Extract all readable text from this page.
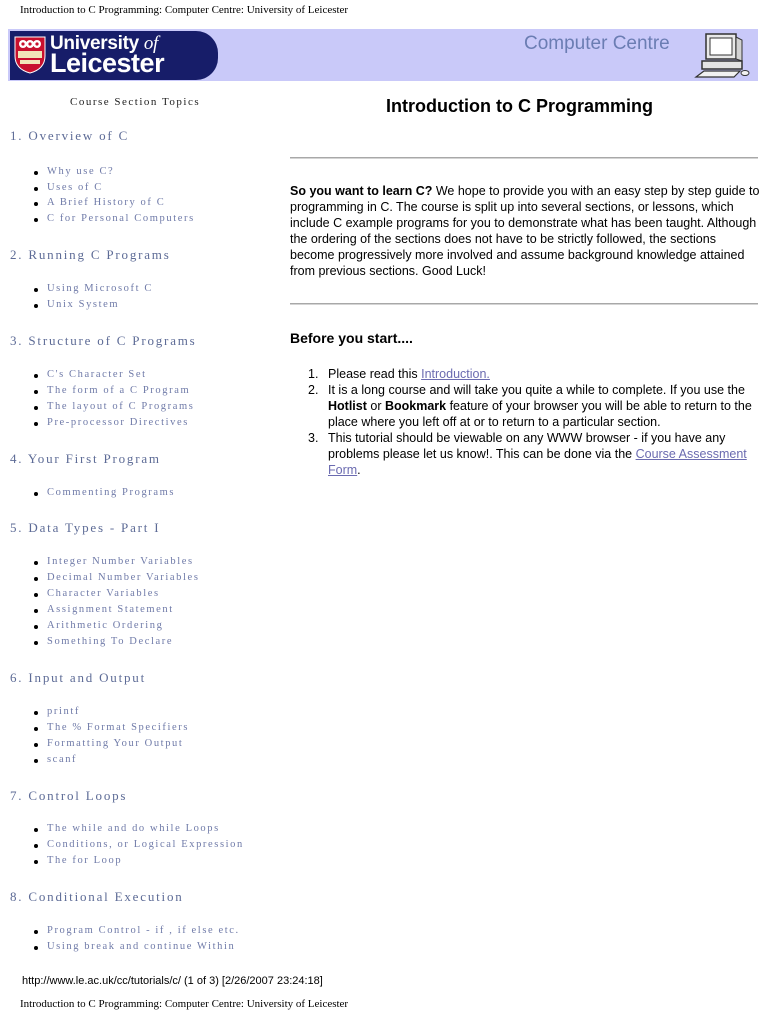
Introduction to C Programming: Computer Centre: University of Leicester
University of
Leicester
Computer Centre
Course Section Topics
1. Overview of C
Why use C?
Uses of C
A Brief History of C
C for Personal Computers
2. Running C Programs
Using Microsoft C
Unix System
3. Structure of C Programs
C's Character Set
The form of a C Program
The layout of C Programs
Pre-processor Directives
4. Your First Program
Commenting Programs
5. Data Types - Part I
Integer Number Variables
Decimal Number Variables
Character Variables
Assignment Statement
Arithmetic Ordering
Something To Declare
6. Input and Output
printf
The % Format Specifiers
Formatting Your Output
scanf
7. Control Loops
The while and do while Loops
Conditions, or Logical Expression
The for Loop
8. Conditional Execution
Program Control - if , if else etc.
Using break and continue Within
Introduction to C Programming

So you want to learn C? We hope to provide you with an easy step by step guide to programming in C. The course is split up into several sections, or lessons, which include C example programs for you to demonstrate what has been taught. Although the ordering of the sections does not have to be strictly followed, the sections become progressively more involved and assume background knowledge attained from previous sections. Good Luck!

Before you start....
1. Please read this Introduction.
2. It is a long course and will take you quite a while to complete. If you use the Hotlist or Bookmark feature of your browser you will be able to return to the place where you left off at or to return to a particular section.
3. This tutorial should be viewable on any WWW browser - if you have any problems please let us know!. This can be done via the Course Assessment Form.
http://www.le.ac.uk/cc/tutorials/c/ (1 of 3) [2/26/2007 23:24:18]
Introduction to C Programming: Computer Centre: University of Leicester
